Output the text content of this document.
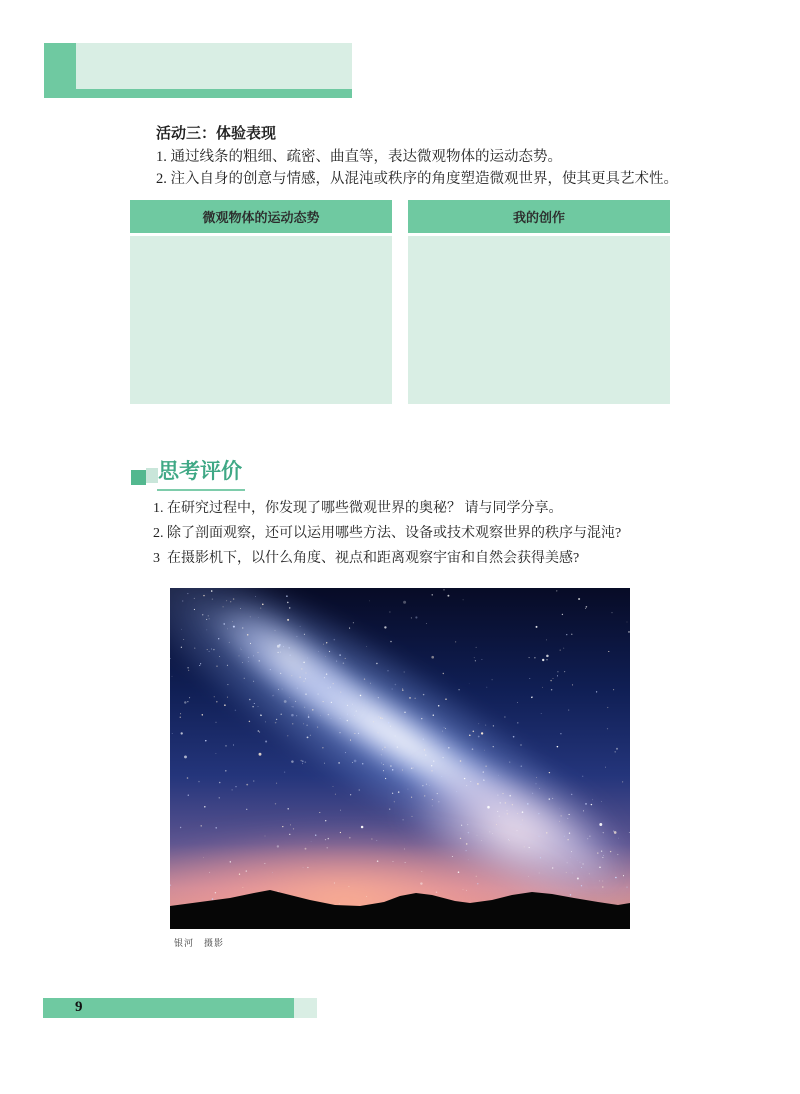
活动三：体验表现
1. 通过线条的粗细、疏密、曲直等，表达微观物体的运动态势。
2. 注入自身的创意与情感，从混沌或秩序的角度塑造微观世界，使其更具艺术性。
微观物体的运动态势	我的创作
思考评价
1. 在研究过程中，你发现了哪些微观世界的奥秘？ 请与同学分享。
2. 除了剖面观察，还可以运用哪些方法、设备或技术观察世界的秩序与混沌?
3  在摄影机下，以什么角度、视点和距离观察宇宙和自然会获得美感?
银河　摄影
9
